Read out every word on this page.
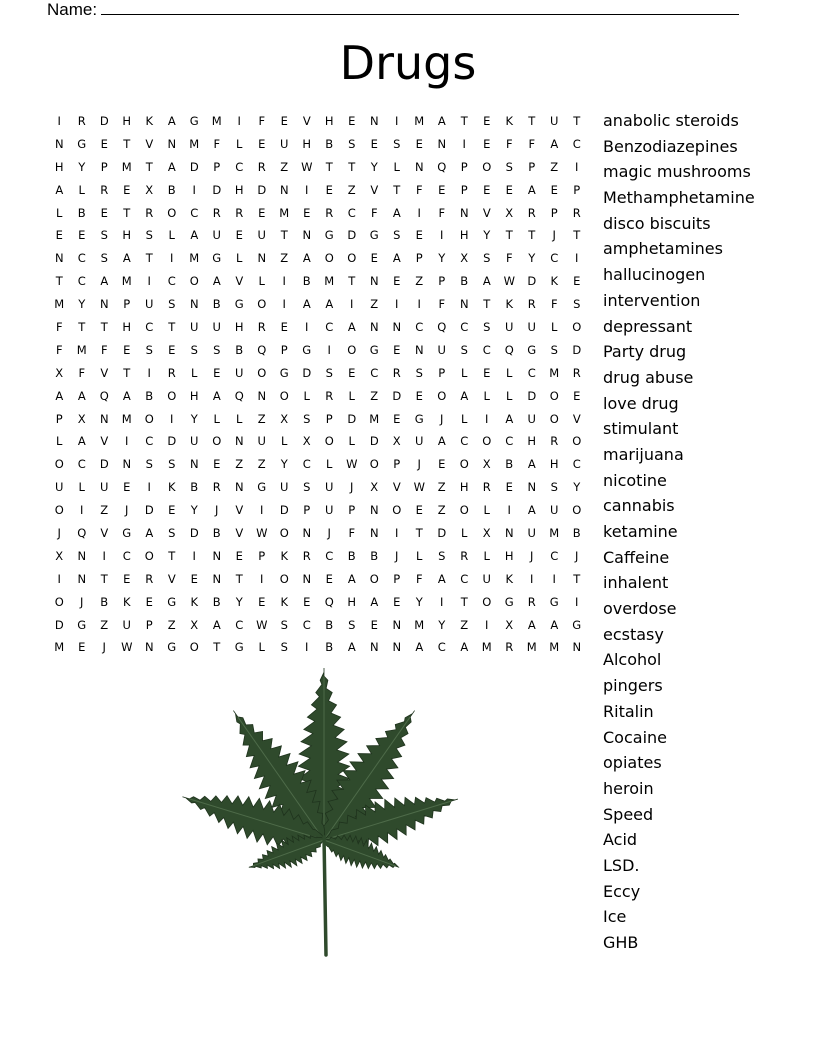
Name:
Drugs
I	R	D	H	K	A	G	M	I	F	E	V	H	E	N	I	M	A	T	E	K	T	U	T
N	G	E	T	V	N	M	F	L	E	U	H	B	S	E	S	E	N	I	E	F	F	A	C
H	Y	P	M	T	A	D	P	C	R	Z	W	T	T	Y	L	N	Q	P	O	S	P	Z	I
A	L	R	E	X	B	I	D	H	D	N	I	E	Z	V	T	F	E	P	E	E	A	E	P
L	B	E	T	R	O	C	R	R	E	M	E	R	C	F	A	I	F	N	V	X	R	P	R
E	E	S	H	S	L	A	U	E	U	T	N	G	D	G	S	E	I	H	Y	T	T	J	T
N	C	S	A	T	I	M	G	L	N	Z	A	O	O	E	A	P	Y	X	S	F	Y	C	I
T	C	A	M	I	C	O	A	V	L	I	B	M	T	N	E	Z	P	B	A	W	D	K	E
M	Y	N	P	U	S	N	B	G	O	I	A	A	I	Z	I	I	F	N	T	K	R	F	S
F	T	T	H	C	T	U	U	H	R	E	I	C	A	N	N	C	Q	C	S	U	U	L	O
F	M	F	E	S	E	S	S	B	Q	P	G	I	O	G	E	N	U	S	C	Q	G	S	D
X	F	V	T	I	R	L	E	U	O	G	D	S	E	C	R	S	P	L	E	L	C	M	R
A	A	Q	A	B	O	H	A	Q	N	O	L	R	L	Z	D	E	O	A	L	L	D	O	E
P	X	N	M	O	I	Y	L	L	Z	X	S	P	D	M	E	G	J	L	I	A	U	O	V
L	A	V	I	C	D	U	O	N	U	L	X	O	L	D	X	U	A	C	O	C	H	R	O
O	C	D	N	S	S	N	E	Z	Z	Y	C	L	W	O	P	J	E	O	X	B	A	H	C
U	L	U	E	I	K	B	R	N	G	U	S	U	J	X	V	W	Z	H	R	E	N	S	Y
O	I	Z	J	D	E	Y	J	V	I	D	P	U	P	N	O	E	Z	O	L	I	A	U	O
J	Q	V	G	A	S	D	B	V	W	O	N	J	F	N	I	T	D	L	X	N	U	M	B
X	N	I	C	O	T	I	N	E	P	K	R	C	B	B	J	L	S	R	L	H	J	C	J
I	N	T	E	R	V	E	N	T	I	O	N	E	A	O	P	F	A	C	U	K	I	I	T
O	J	B	K	E	G	K	B	Y	E	K	E	Q	H	A	E	Y	I	T	O	G	R	G	I
D	G	Z	U	P	Z	X	A	C	W	S	C	B	S	E	N	M	Y	Z	I	X	A	A	G
M	E	J	W	N	G	O	T	G	L	S	I	B	A	N	N	A	C	A	M	R	M	M	N
anabolic steroids
Benzodiazepines
magic mushrooms
Methamphetamine
disco biscuits
amphetamines
hallucinogen
intervention
depressant
Party drug
drug abuse
love drug
stimulant
marijuana
nicotine
cannabis
ketamine
Caffeine
inhalent
overdose
ecstasy
Alcohol
pingers
Ritalin
Cocaine
opiates
heroin
Speed
Acid
LSD.
Eccy
Ice
GHB
